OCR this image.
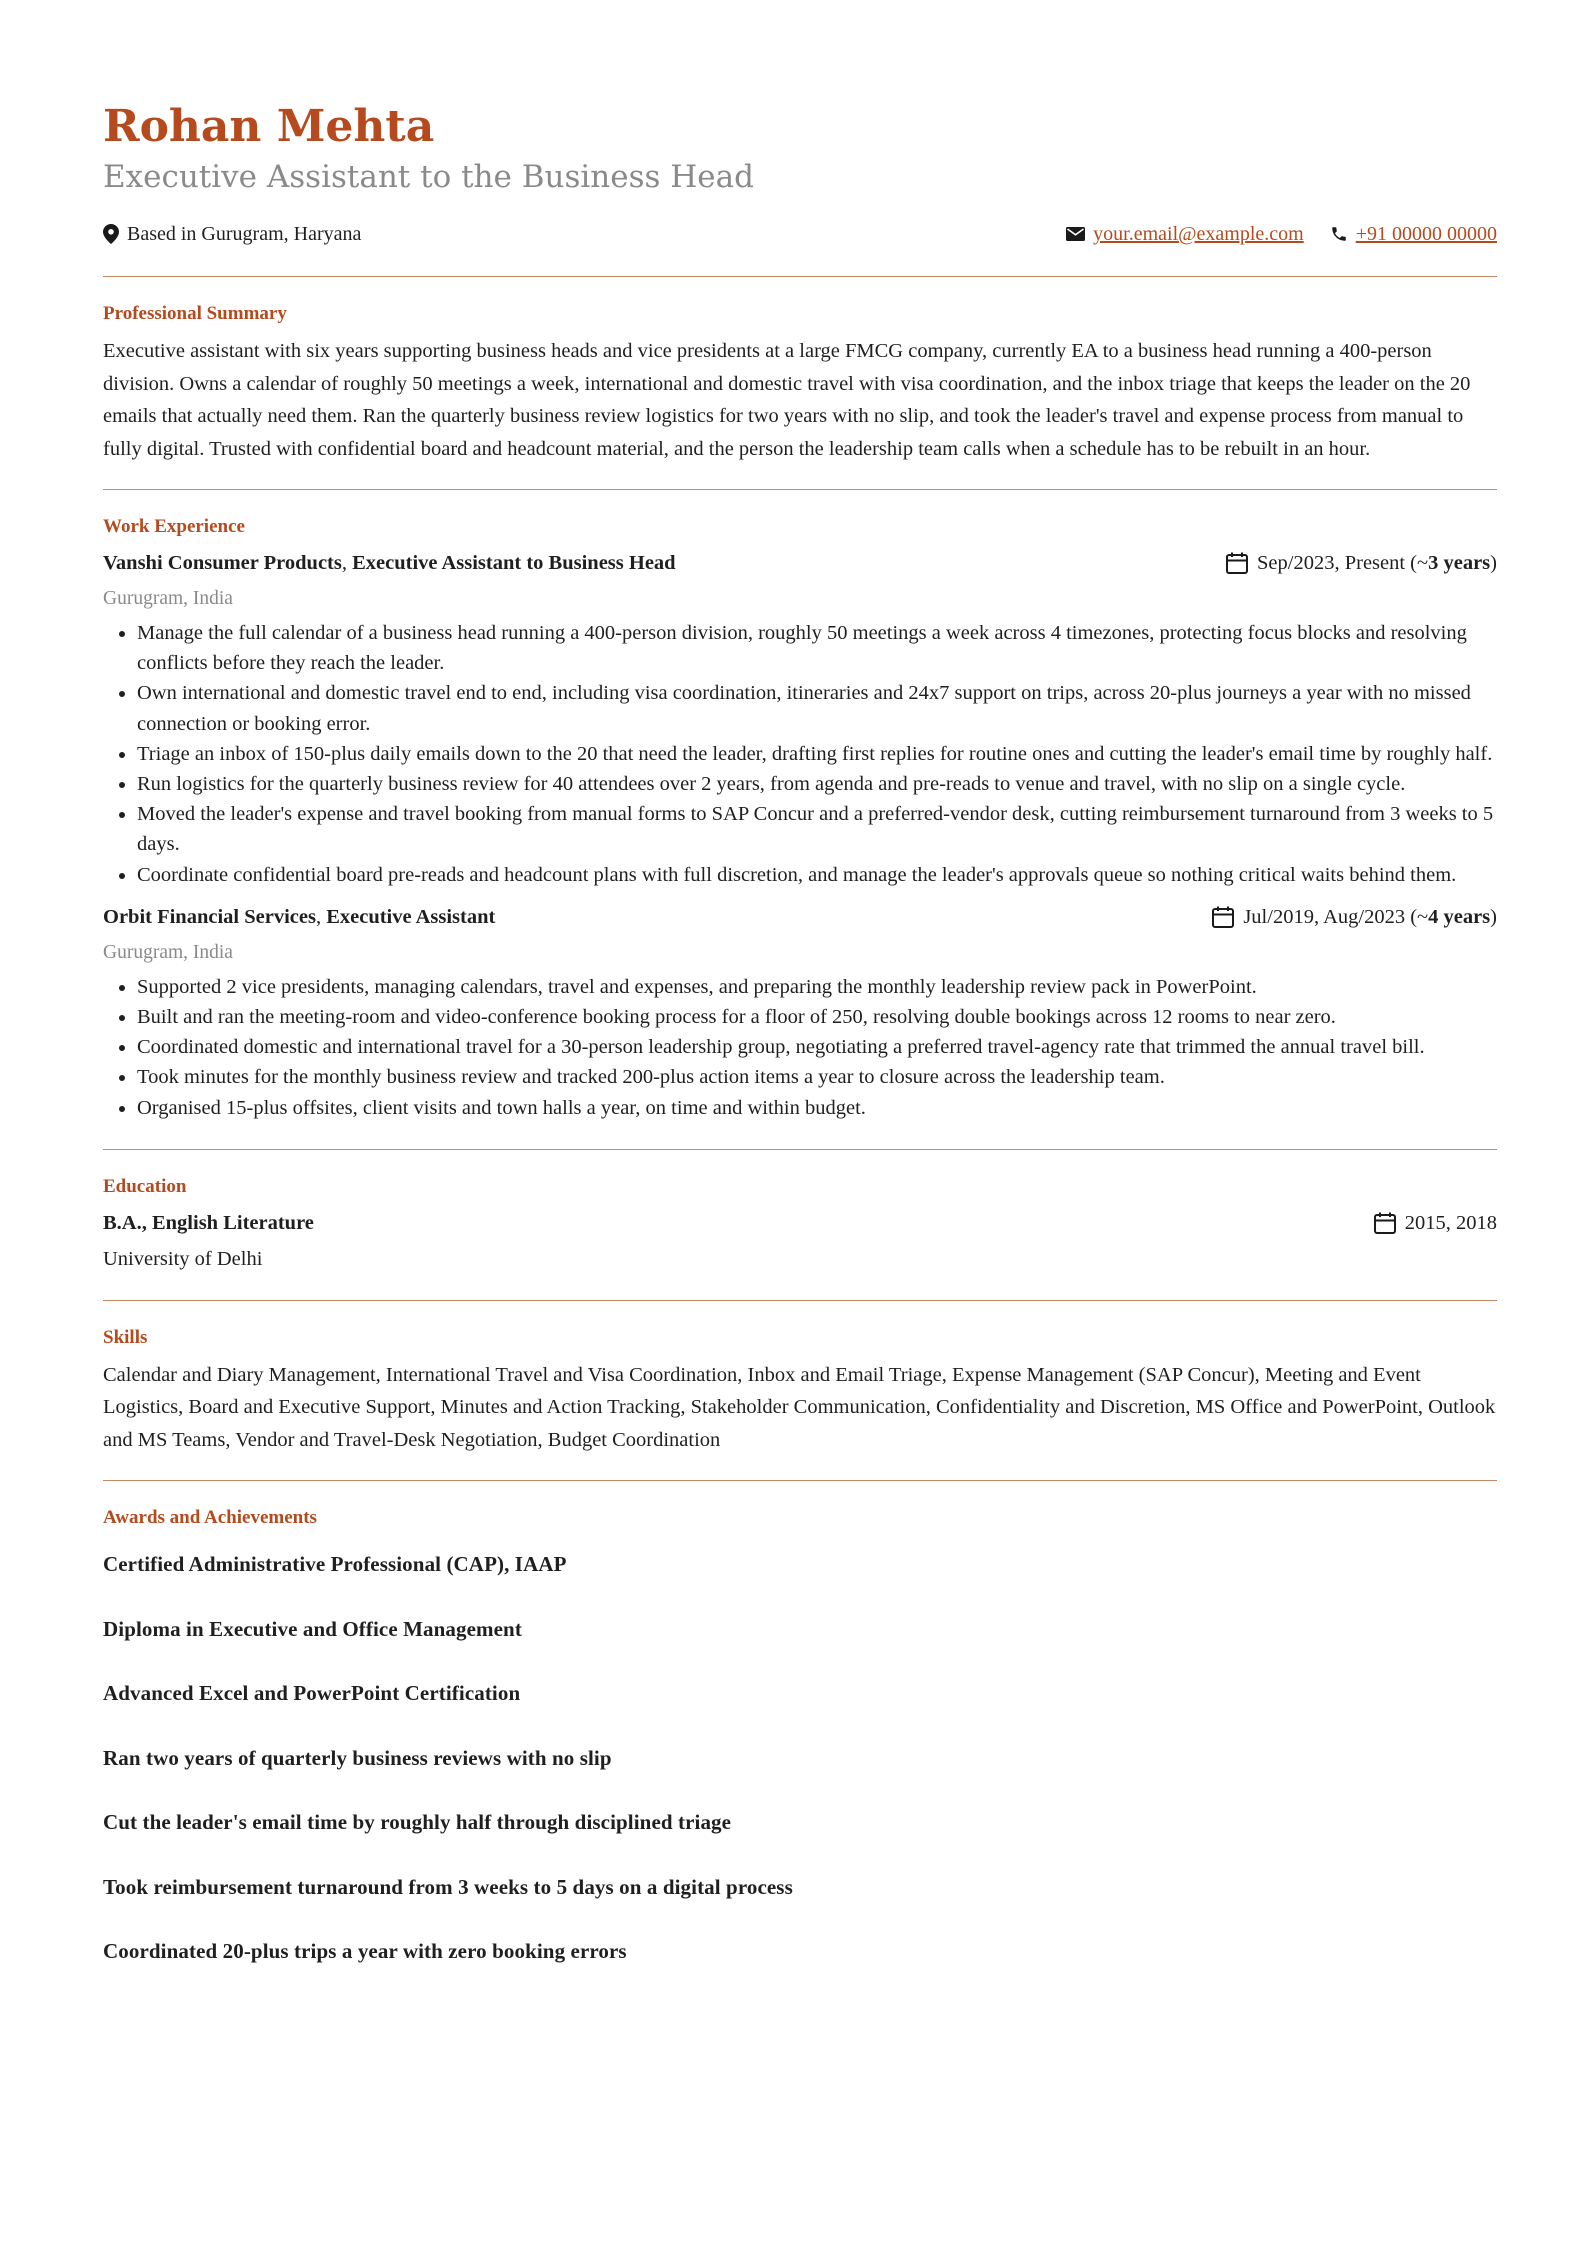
Rohan Mehta
Executive Assistant to the Business Head
Based in Gurugram, Haryana	your.email@example.com	+91 00000 00000
Professional Summary

Executive assistant with six years supporting business heads and vice presidents at a large FMCG company, currently EA to a business head running a 400-person division. Owns a calendar of roughly 50 meetings a week, international and domestic travel with visa coordination, and the inbox triage that keeps the leader on the 20 emails that actually need them. Ran the quarterly business review logistics for two years with no slip, and took the leader's travel and expense process from manual to fully digital. Trusted with confidential board and headcount material, and the person the leadership team calls when a schedule has to be rebuilt in an hour.

Work Experience
Vanshi Consumer Products, Executive Assistant to Business Head	Sep/2023, Present (~ 3 years )
Gurugram, India
• Manage the full calendar of a business head running a 400-person division, roughly 50 meetings a week across 4 timezones, protecting focus blocks and resolving conflicts before they reach the leader.
• Own international and domestic travel end to end, including visa coordination, itineraries and 24x7 support on trips, across 20-plus journeys a year with no missed connection or booking error.
• Triage an inbox of 150-plus daily emails down to the 20 that need the leader, drafting first replies for routine ones and cutting the leader's email time by roughly half.
• Run logistics for the quarterly business review for 40 attendees over 2 years, from agenda and pre-reads to venue and travel, with no slip on a single cycle.
• Moved the leader's expense and travel booking from manual forms to SAP Concur and a preferred-vendor desk, cutting reimbursement turnaround from 3 weeks to 5 days.
• Coordinate confidential board pre-reads and headcount plans with full discretion, and manage the leader's approvals queue so nothing critical waits behind them.
Orbit Financial Services, Executive Assistant	Jul/2019, Aug/2023 (~ 4 years )
Gurugram, India
• Supported 2 vice presidents, managing calendars, travel and expenses, and preparing the monthly leadership review pack in PowerPoint.
• Built and ran the meeting-room and video-conference booking process for a floor of 250, resolving double bookings across 12 rooms to near zero.
• Coordinated domestic and international travel for a 30-person leadership group, negotiating a preferred travel-agency rate that trimmed the annual travel bill.
• Took minutes for the monthly business review and tracked 200-plus action items a year to closure across the leadership team.
• Organised 15-plus offsites, client visits and town halls a year, on time and within budget.
Education
B.A., English Literature	2015, 2018
University of Delhi
Skills

Calendar and Diary Management, International Travel and Visa Coordination, Inbox and Email Triage, Expense Management (SAP Concur), Meeting and Event Logistics, Board and Executive Support, Minutes and Action Tracking, Stakeholder Communication, Confidentiality and Discretion, MS Office and PowerPoint, Outlook and MS Teams, Vendor and Travel-Desk Negotiation, Budget Coordination

Awards and Achievements
Certified Administrative Professional (CAP), IAAP
Diploma in Executive and Office Management
Advanced Excel and PowerPoint Certification
Ran two years of quarterly business reviews with no slip
Cut the leader's email time by roughly half through disciplined triage
Took reimbursement turnaround from 3 weeks to 5 days on a digital process
Coordinated 20-plus trips a year with zero booking errors
